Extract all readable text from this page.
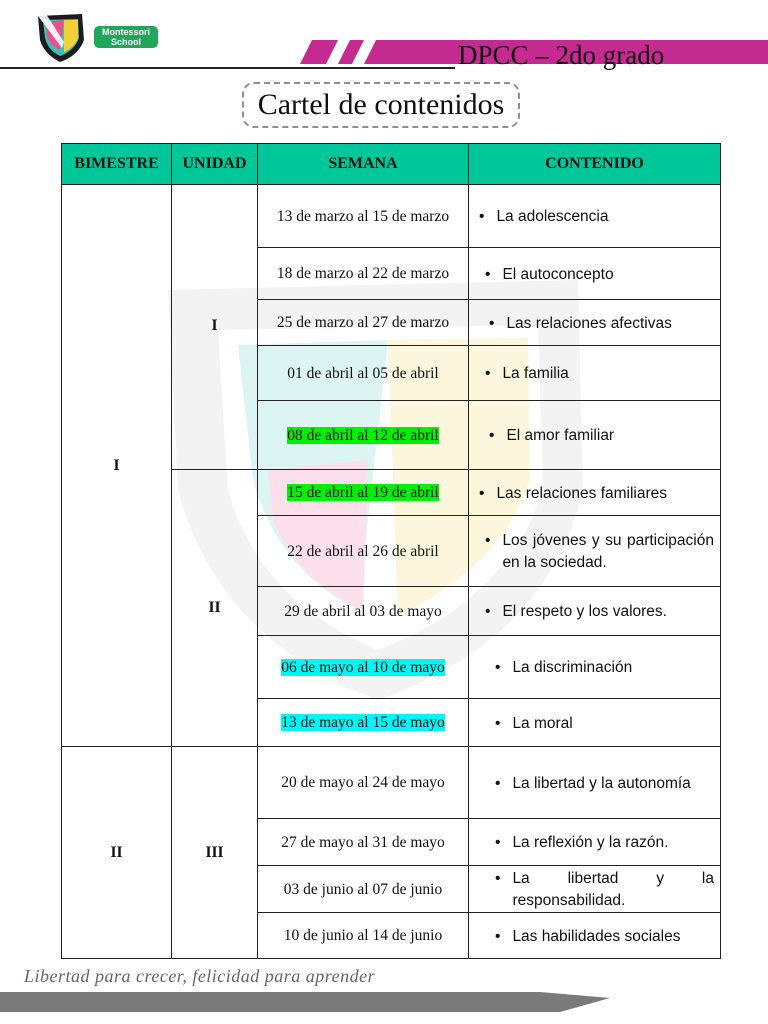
Montessori
School	DPCC – 2do grado
Cartel de contenidos
BIMESTRE	UNIDAD	SEMANA	CONTENIDO
I	I	13 de marzo al 15 de marzo	• La adolescencia

		18 de marzo al 22 de marzo	• El autoconcepto

		25 de marzo al 27 de marzo	• Las relaciones afectivas

		01 de abril al 05 de abril	• La familia

		08 de abril al 12 de abril	• El amor familiar

	II	15 de abril al 19 de abril	• Las relaciones familiares

		22 de abril al 26 de abril	• Los jóvenes y su participación en la sociedad.

		29 de abril al 03 de mayo	• El respeto y los valores.

		06 de mayo al 10 de mayo	• La discriminación

		13 de mayo al 15 de mayo	• La moral

II	III	20 de mayo al 24 de mayo	• La libertad y la autonomía

		27 de mayo al 31 de mayo	• La reflexión y la razón.

		03 de junio al 07 de junio	• La libertad y la responsabilidad.

		10 de junio al 14 de junio	• Las habilidades sociales
Libertad para crecer, felicidad para aprender
